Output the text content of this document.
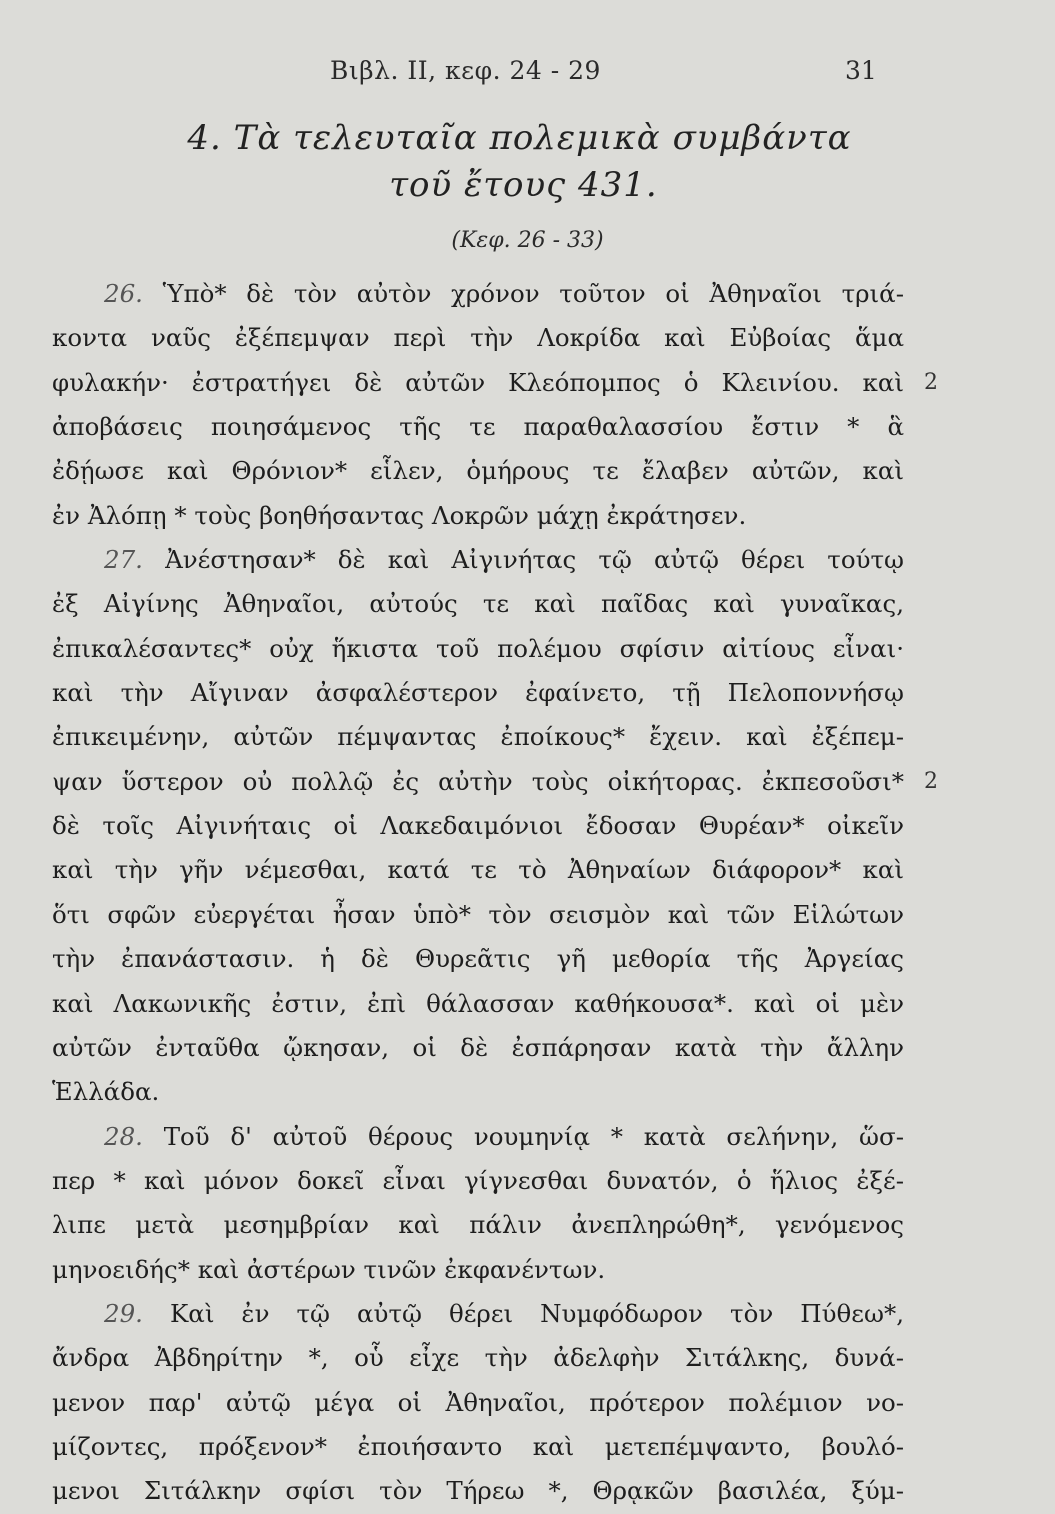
Βιβλ. ΙΙ, κεφ. 24 - 29	31
4. Τὰ τελευταῖα πολεμικὰ συμβάντα
τοῦ ἔτους 431.
(Κεφ. 26 - 33)
26. Ὑπὸ* δὲ τὸν αὐτὸν χρόνον τοῦτον οἱ Ἀθηναῖοι τριά-
κοντα ναῦς ἐξέπεμψαν περὶ τὴν Λοκρίδα καὶ Εὐβοίας ἅμα
φυλακήν· ἐστρατήγει δὲ αὐτῶν Κλεόπομπος ὁ Κλεινίου. καὶ 2
ἀποβάσεις ποιησάμενος τῆς τε παραθαλασσίου ἔστιν * ἃ
ἐδῄωσε καὶ Θρόνιον* εἷλεν, ὁμήρους τε ἔλαβεν αὐτῶν, καὶ
ἐν Ἀλόπῃ * τοὺς βοηθήσαντας Λοκρῶν μάχῃ ἐκράτησεν.
27. Ἀνέστησαν* δὲ καὶ Αἰγινήτας τῷ αὐτῷ θέρει τούτῳ
ἐξ Αἰγίνης Ἀθηναῖοι, αὐτούς τε καὶ παῖδας καὶ γυναῖκας,
ἐπικαλέσαντες* οὐχ ἥκιστα τοῦ πολέμου σφίσιν αἰτίους εἶναι·
καὶ τὴν Αἴγιναν ἀσφαλέστερον ἐφαίνετο, τῇ Πελοποννήσῳ
ἐπικειμένην, αὐτῶν πέμψαντας ἐποίκους* ἔχειν. καὶ ἐξέπεμ-
ψαν ὕστερον οὐ πολλῷ ἐς αὐτὴν τοὺς οἰκήτορας. ἐκπεσοῦσι* 2
δὲ τοῖς Αἰγινήταις οἱ Λακεδαιμόνιοι ἔδοσαν Θυρέαν* οἰκεῖν
καὶ τὴν γῆν νέμεσθαι, κατά τε τὸ Ἀθηναίων διάφορον* καὶ
ὅτι σφῶν εὐεργέται ἦσαν ὑπὸ* τὸν σεισμὸν καὶ τῶν Εἱλώτων
τὴν ἐπανάστασιν. ἡ δὲ Θυρεᾶτις γῆ μεθορία τῆς Ἀργείας
καὶ Λακωνικῆς ἐστιν, ἐπὶ θάλασσαν καθήκουσα*. καὶ οἱ μὲν
αὐτῶν ἐνταῦθα ᾤκησαν, οἱ δὲ ἐσπάρησαν κατὰ τὴν ἄλλην
Ἑλλάδα.
28. Τοῦ δ' αὐτοῦ θέρους νουμηνίᾳ * κατὰ σελήνην, ὥσ-
περ * καὶ μόνον δοκεῖ εἶναι γίγνεσθαι δυνατόν, ὁ ἥλιος ἐξέ-
λιπε μετὰ μεσημβρίαν καὶ πάλιν ἀνεπληρώθη*, γενόμενος
μηνοειδής* καὶ ἀστέρων τινῶν ἐκφανέντων.
29. Καὶ ἐν τῷ αὐτῷ θέρει Νυμφόδωρον τὸν Πύθεω*,
ἄνδρα Ἀβδηρίτην *, οὗ εἶχε τὴν ἀδελφὴν Σιτάλκης, δυνά-
μενον παρ' αὐτῷ μέγα οἱ Ἀθηναῖοι, πρότερον πολέμιον νο-
μίζοντες, πρόξενον* ἐποιήσαντο καὶ μετεπέμψαντο, βουλό-
μενοι Σιτάλκην σφίσι τὸν Τήρεω *, Θρᾳκῶν βασιλέα, ξύμ-
